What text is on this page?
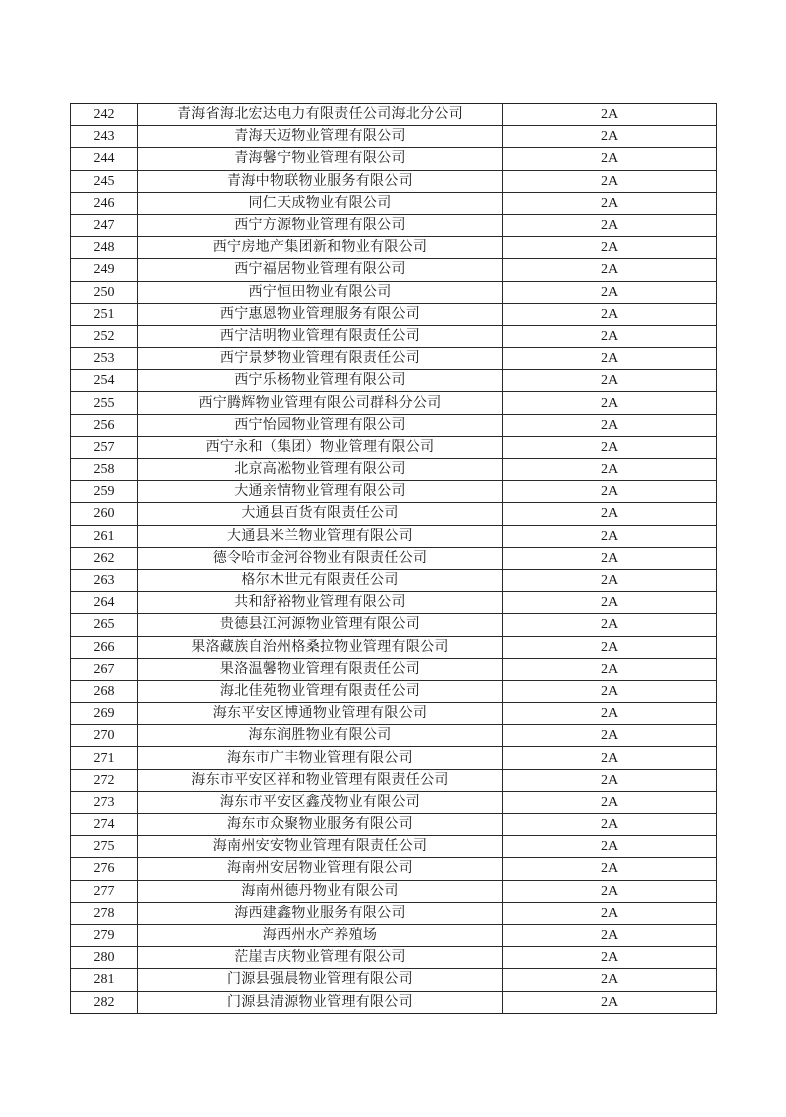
242	青海省海北宏达电力有限责任公司海北分公司	2A
243	青海天迈物业管理有限公司	2A
244	青海馨宁物业管理有限公司	2A
245	青海中物联物业服务有限公司	2A
246	同仁天成物业有限公司	2A
247	西宁方源物业管理有限公司	2A
248	西宁房地产集团新和物业有限公司	2A
249	西宁福居物业管理有限公司	2A
250	西宁恒田物业有限公司	2A
251	西宁惠恩物业管理服务有限公司	2A
252	西宁洁明物业管理有限责任公司	2A
253	西宁景梦物业管理有限责任公司	2A
254	西宁乐杨物业管理有限公司	2A
255	西宁腾辉物业管理有限公司群科分公司	2A
256	西宁怡园物业管理有限公司	2A
257	西宁永和（集团）物业管理有限公司	2A
258	北京高凇物业管理有限公司	2A
259	大通亲情物业管理有限公司	2A
260	大通县百货有限责任公司	2A
261	大通县米兰物业管理有限公司	2A
262	德令哈市金河谷物业有限责任公司	2A
263	格尔木世元有限责任公司	2A
264	共和舒裕物业管理有限公司	2A
265	贵德县江河源物业管理有限公司	2A
266	果洛藏族自治州格桑拉物业管理有限公司	2A
267	果洛温馨物业管理有限责任公司	2A
268	海北佳苑物业管理有限责任公司	2A
269	海东平安区博通物业管理有限公司	2A
270	海东润胜物业有限公司	2A
271	海东市广丰物业管理有限公司	2A
272	海东市平安区祥和物业管理有限责任公司	2A
273	海东市平安区鑫茂物业有限公司	2A
274	海东市众聚物业服务有限公司	2A
275	海南州安安物业管理有限责任公司	2A
276	海南州安居物业管理有限公司	2A
277	海南州德丹物业有限公司	2A
278	海西建鑫物业服务有限公司	2A
279	海西州水产养殖场	2A
280	茫崖吉庆物业管理有限公司	2A
281	门源县强晨物业管理有限公司	2A
282	门源县清源物业管理有限公司	2A
